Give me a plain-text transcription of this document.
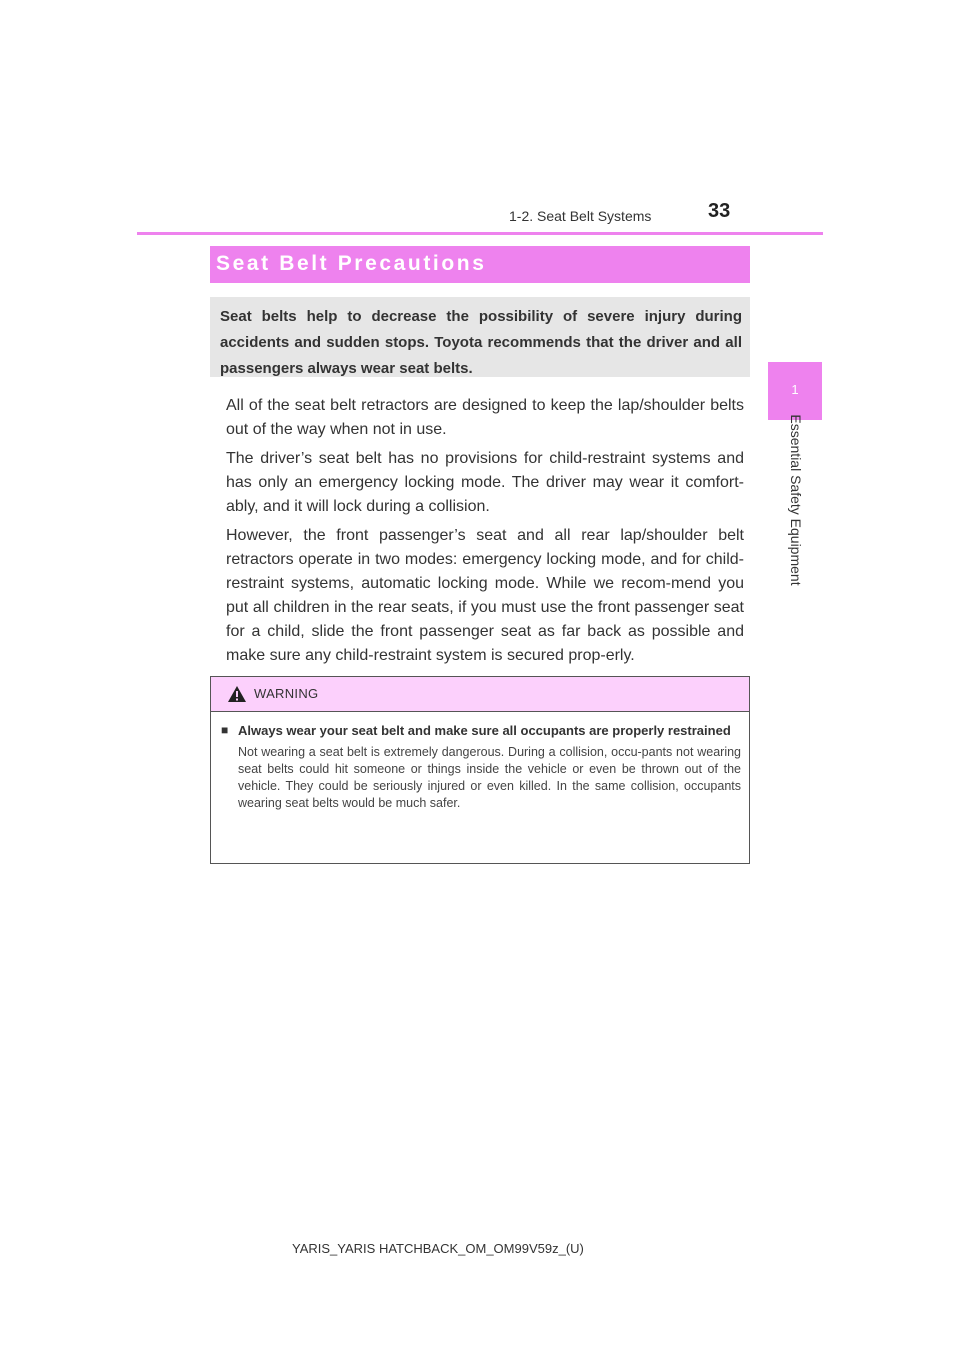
1-2. Seat Belt Systems	33
1
Essential Safety Equipment
Seat Belt Precautions
Seat belts help to decrease the possibility of severe injury during accidents and sudden stops. Toyota recommends that the driver and all passengers always wear seat belts.

All of the seat belt retractors are designed to keep the lap/shoulder belts out of the way when not in use.

The driver’s seat belt has no provisions for child-restraint systems and has only an emergency locking mode. The driver may wear it comfort-ably, and it will lock during a collision.

However, the front passenger’s seat and all rear lap/shoulder belt retractors operate in two modes: emergency locking mode, and for child-restraint systems, automatic locking mode. While we recom-mend you put all children in the rear seats, if you must use the front passenger seat for a child, slide the front passenger seat as far back as possible and make sure any child-restraint system is secured prop-erly.

WARNING
■ Always wear your seat belt and make sure all occupants are properly restrained
Not wearing a seat belt is extremely dangerous. During a collision, occu-pants not wearing seat belts could hit someone or things inside the vehicle or even be thrown out of the vehicle. They could be seriously injured or even killed. In the same collision, occupants wearing seat belts would be much safer.
YARIS_YARIS HATCHBACK_OM_OM99V59z_(U)
